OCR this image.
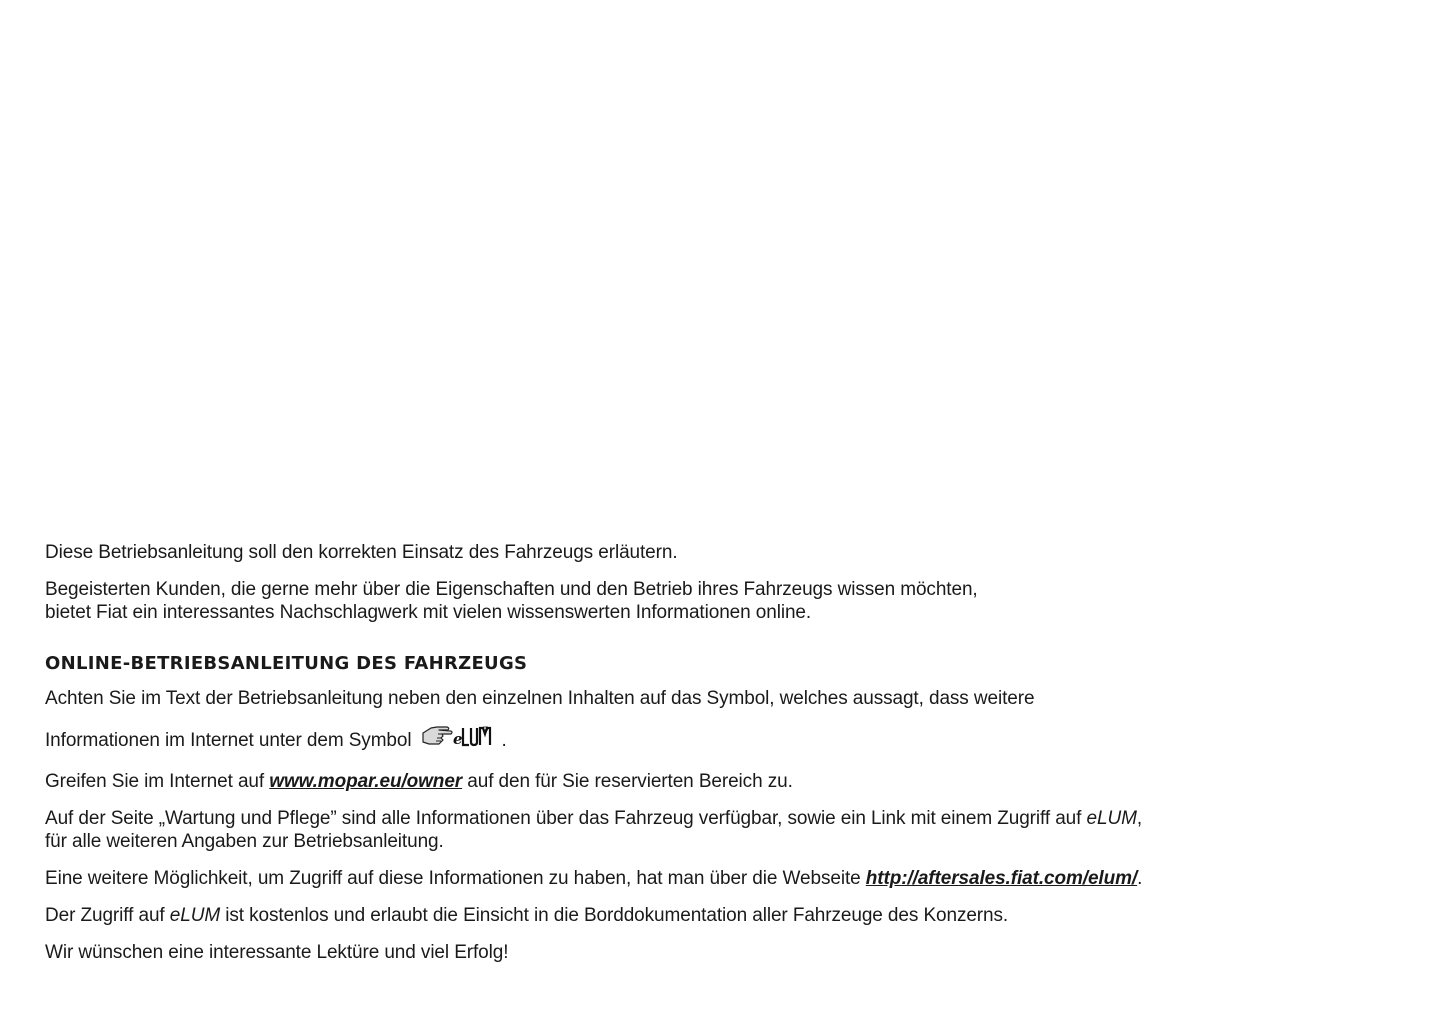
Diese Betriebsanleitung soll den korrekten Einsatz des Fahrzeugs erläutern.

Begeisterten Kunden, die gerne mehr über die Eigenschaften und den Betrieb ihres Fahrzeugs wissen möchten,
bietet Fiat ein interessantes Nachschlagwerk mit vielen wissenswerten Informationen online.

ONLINE-BETRIEBSANLEITUNG DES FAHRZEUGS

Achten Sie im Text der Betriebsanleitung neben den einzelnen Inhalten auf das Symbol, welches aussagt, dass weitere

Informationen im Internet unter dem Symbol	e .

Greifen Sie im Internet auf www.mopar.eu/owner auf den für Sie reservierten Bereich zu.

Auf der Seite „Wartung und Pflege” sind alle Informationen über das Fahrzeug verfügbar, sowie ein Link mit einem Zugriff auf eLUM,
für alle weiteren Angaben zur Betriebsanleitung.

Eine weitere Möglichkeit, um Zugriff auf diese Informationen zu haben, hat man über die Webseite http://aftersales.fiat.com/elum/.

Der Zugriff auf eLUM ist kostenlos und erlaubt die Einsicht in die Borddokumentation aller Fahrzeuge des Konzerns.

Wir wünschen eine interessante Lektüre und viel Erfolg!
